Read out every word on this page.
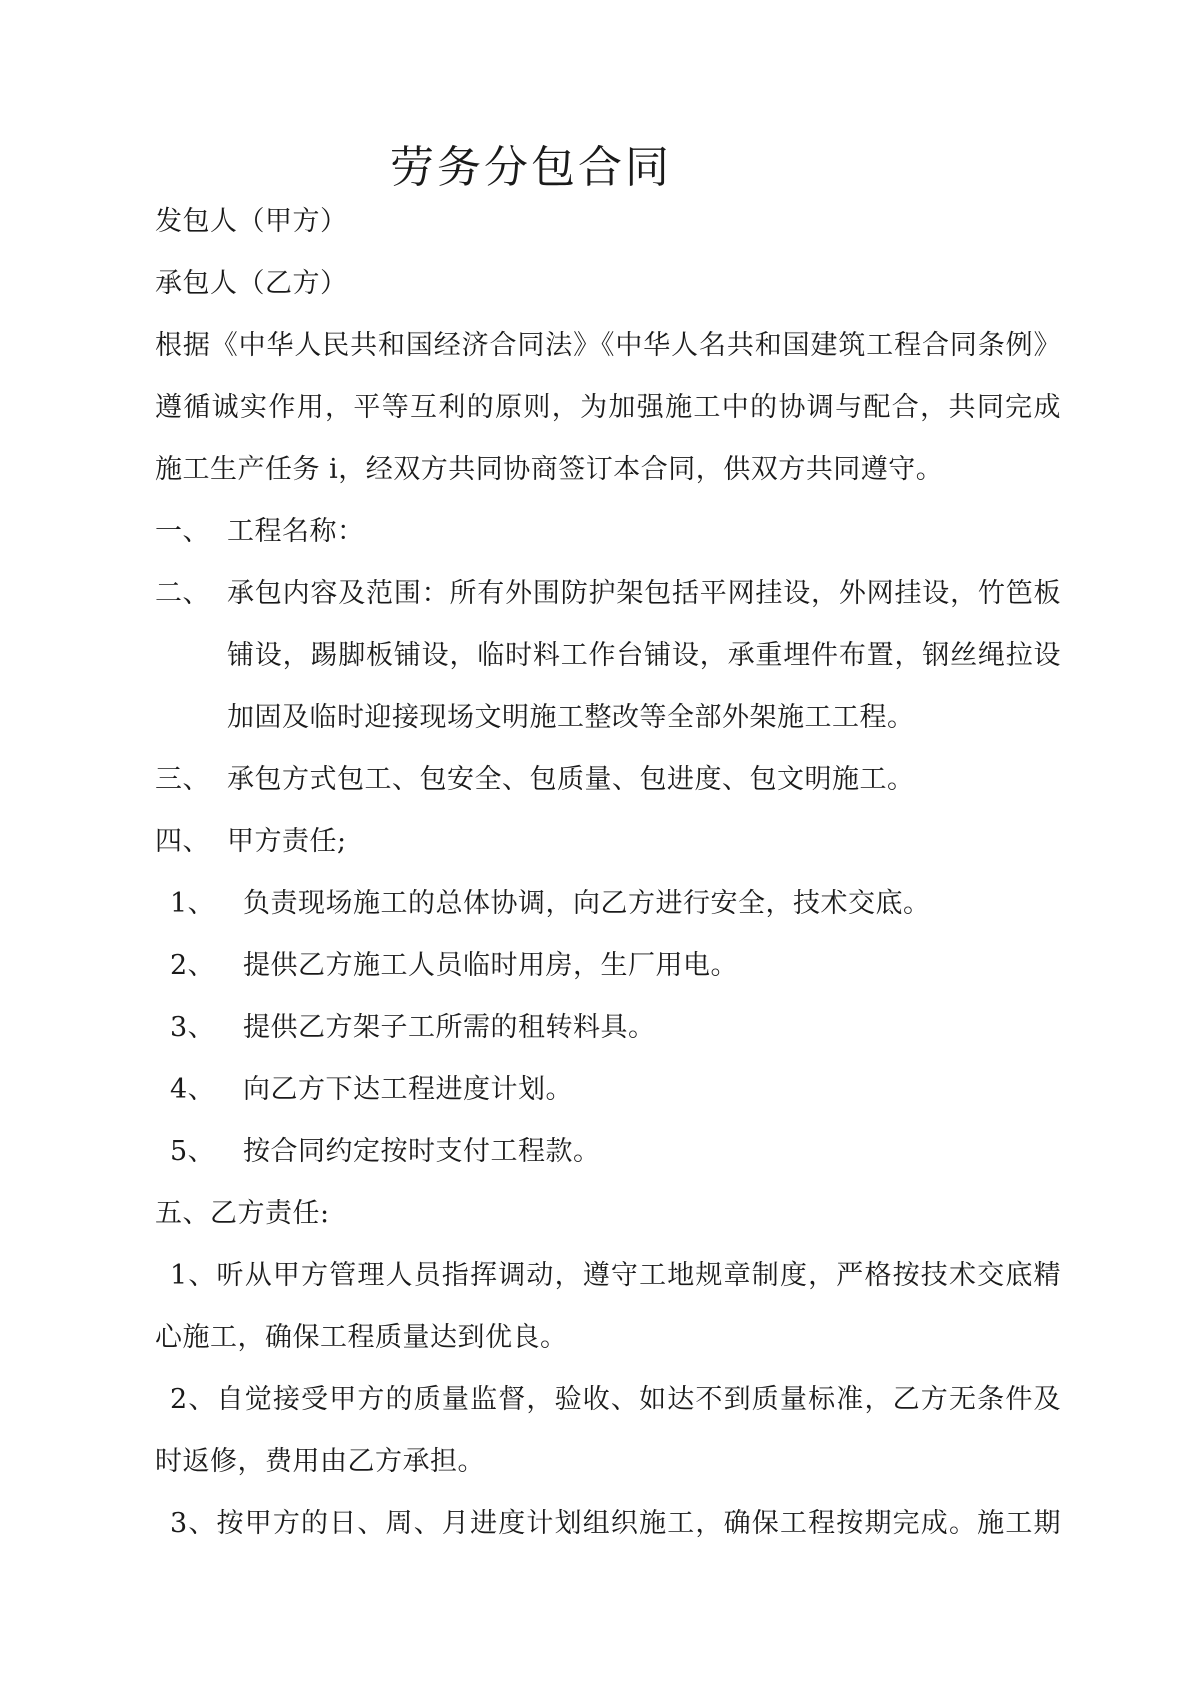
劳务分包合同
发包人（甲方）
承包人（乙方）
根据《中华人民共和国经济合同法》《中华人名共和国建筑工程合同条例》
遵循诚实作用，平等互利的原则，为加强施工中的协调与配合，共同完成
施工生产任务 i，经双方共同协商签订本合同，供双方共同遵守。
一、 工程名称：
二、 承包内容及范围：所有外围防护架包括平网挂设，外网挂设，竹笆板
铺设，踢脚板铺设，临时料工作台铺设，承重埋件布置，钢丝绳拉设
加固及临时迎接现场文明施工整改等全部外架施工工程。
三、 承包方式包工、包安全、包质量、包进度、包文明施工。
四、 甲方责任;
1、 负责现场施工的总体协调，向乙方进行安全，技术交底。
2、 提供乙方施工人员临时用房，生厂用电。
3、 提供乙方架子工所需的租转料具。
4、 向乙方下达工程进度计划。
5、 按合同约定按时支付工程款。
五、乙方责任:
1、听从甲方管理人员指挥调动，遵守工地规章制度，严格按技术交底精
心施工，确保工程质量达到优良。
2、自觉接受甲方的质量监督，验收、如达不到质量标准，乙方无条件及
时返修，费用由乙方承担。
3、按甲方的日、周、月进度计划组织施工，确保工程按期完成。施工期
